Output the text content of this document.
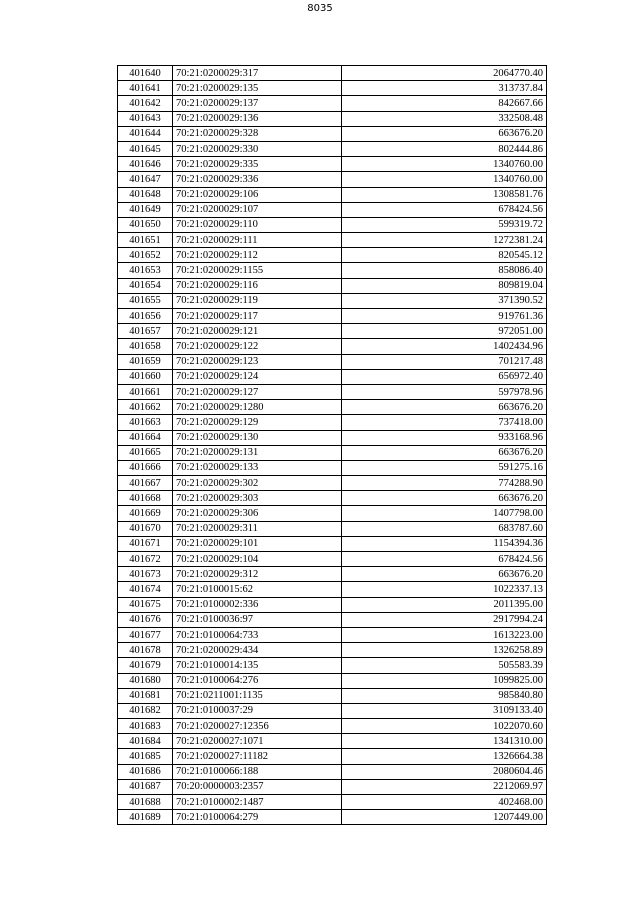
8035
401640	70:21:0200029:317	2064770.40
401641	70:21:0200029:135	313737.84
401642	70:21:0200029:137	842667.66
401643	70:21:0200029:136	332508.48
401644	70:21:0200029:328	663676.20
401645	70:21:0200029:330	802444.86
401646	70:21:0200029:335	1340760.00
401647	70:21:0200029:336	1340760.00
401648	70:21:0200029:106	1308581.76
401649	70:21:0200029:107	678424.56
401650	70:21:0200029:110	599319.72
401651	70:21:0200029:111	1272381.24
401652	70:21:0200029:112	820545.12
401653	70:21:0200029:1155	858086.40
401654	70:21:0200029:116	809819.04
401655	70:21:0200029:119	371390.52
401656	70:21:0200029:117	919761.36
401657	70:21:0200029:121	972051.00
401658	70:21:0200029:122	1402434.96
401659	70:21:0200029:123	701217.48
401660	70:21:0200029:124	656972.40
401661	70:21:0200029:127	597978.96
401662	70:21:0200029:1280	663676.20
401663	70:21:0200029:129	737418.00
401664	70:21:0200029:130	933168.96
401665	70:21:0200029:131	663676.20
401666	70:21:0200029:133	591275.16
401667	70:21:0200029:302	774288.90
401668	70:21:0200029:303	663676.20
401669	70:21:0200029:306	1407798.00
401670	70:21:0200029:311	683787.60
401671	70:21:0200029:101	1154394.36
401672	70:21:0200029:104	678424.56
401673	70:21:0200029:312	663676.20
401674	70:21:0100015:62	1022337.13
401675	70:21:0100002:336	2011395.00
401676	70:21:0100036:97	2917994.24
401677	70:21:0100064:733	1613223.00
401678	70:21:0200029:434	1326258.89
401679	70:21:0100014:135	505583.39
401680	70:21:0100064:276	1099825.00
401681	70:21:0211001:1135	985840.80
401682	70:21:0100037:29	3109133.40
401683	70:21:0200027:12356	1022070.60
401684	70:21:0200027:1071	1341310.00
401685	70:21:0200027:11182	1326664.38
401686	70:21:0100066:188	2080604.46
401687	70:20:0000003:2357	2212069.97
401688	70:21:0100002:1487	402468.00
401689	70:21:0100064:279	1207449.00
